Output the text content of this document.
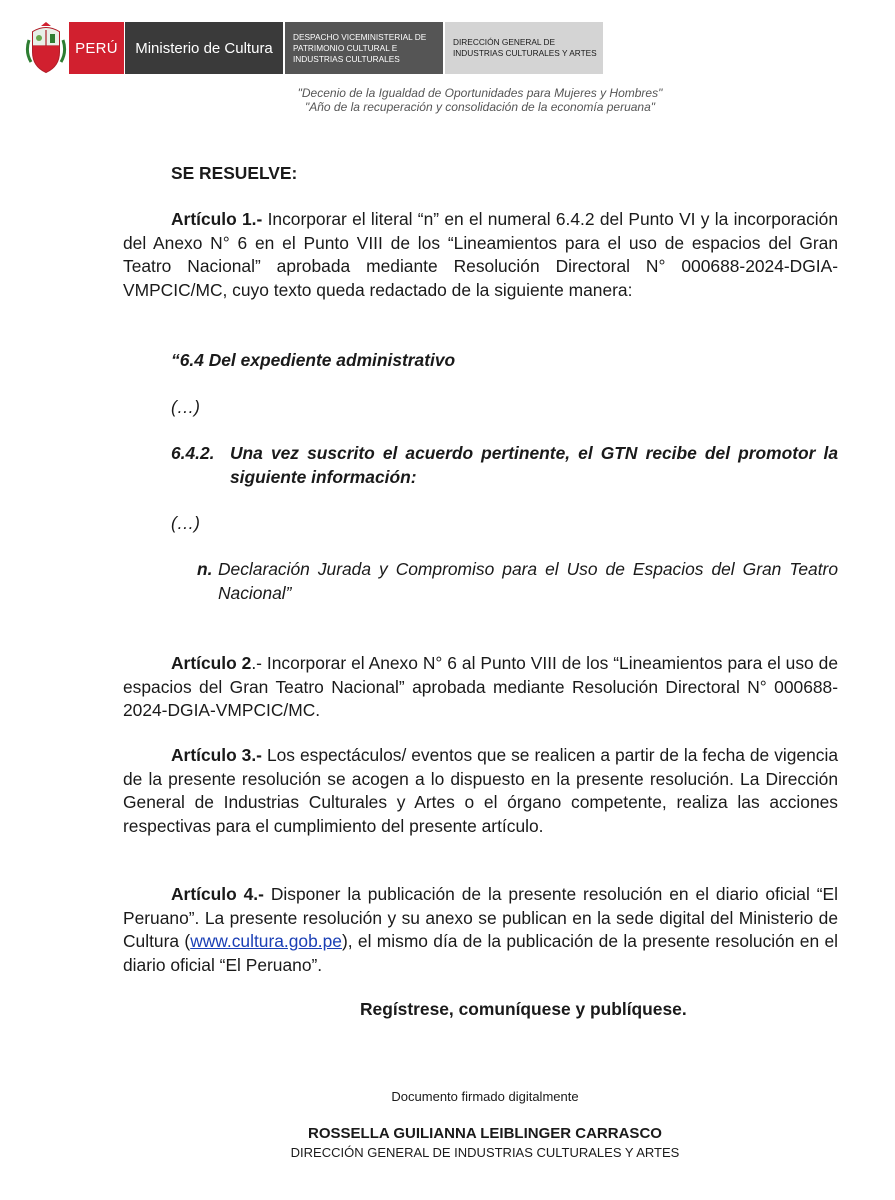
PERÚ	Ministerio de Cultura
DESPACHO VICEMINISTERIAL DE PATRIMONIO CULTURAL E INDUSTRIAS CULTURALES
DIRECCIÓN GENERAL DE INDUSTRIAS CULTURALES Y ARTES
"Decenio de la Igualdad de Oportunidades para Mujeres y Hombres"
"Año de la recuperación y consolidación de la economía peruana"

SE RESUELVE:

Artículo 1.- Incorporar el literal “n” en el numeral 6.4.2 del Punto VI y la incorporación del Anexo N° 6 en el Punto VIII de los “Lineamientos para el uso de espacios del Gran Teatro Nacional” aprobada mediante Resolución Directoral N° 000688-2024-DGIA-VMPCIC/MC, cuyo texto queda redactado de la siguiente manera:

“6.4 Del expediente administrativo

(…)

6.4.2. Una vez suscrito el acuerdo pertinente, el GTN recibe del promotor la siguiente información:

(…)

n. Declaración Jurada y Compromiso para el Uso de Espacios del Gran Teatro Nacional”

Artículo 2.- Incorporar el Anexo N° 6 al Punto VIII de los “Lineamientos para el uso de espacios del Gran Teatro Nacional” aprobada mediante Resolución Directoral N° 000688-2024-DGIA-VMPCIC/MC.

Artículo 3.- Los espectáculos/ eventos que se realicen a partir de la fecha de vigencia de la presente resolución se acogen a lo dispuesto en la presente resolución. La Dirección General de Industrias Culturales y Artes o el órgano competente, realiza las acciones respectivas para el cumplimiento del presente artículo.

Artículo 4.- Disponer la publicación de la presente resolución en el diario oficial “El Peruano”. La presente resolución y su anexo se publican en la sede digital del Ministerio de Cultura (www.cultura.gob.pe), el mismo día de la publicación de la presente resolución en el diario oficial “El Peruano”.

Regístrese, comuníquese y publíquese.

Documento firmado digitalmente
ROSSELLA GUILIANNA LEIBLINGER CARRASCO
DIRECCIÓN GENERAL DE INDUSTRIAS CULTURALES Y ARTES
